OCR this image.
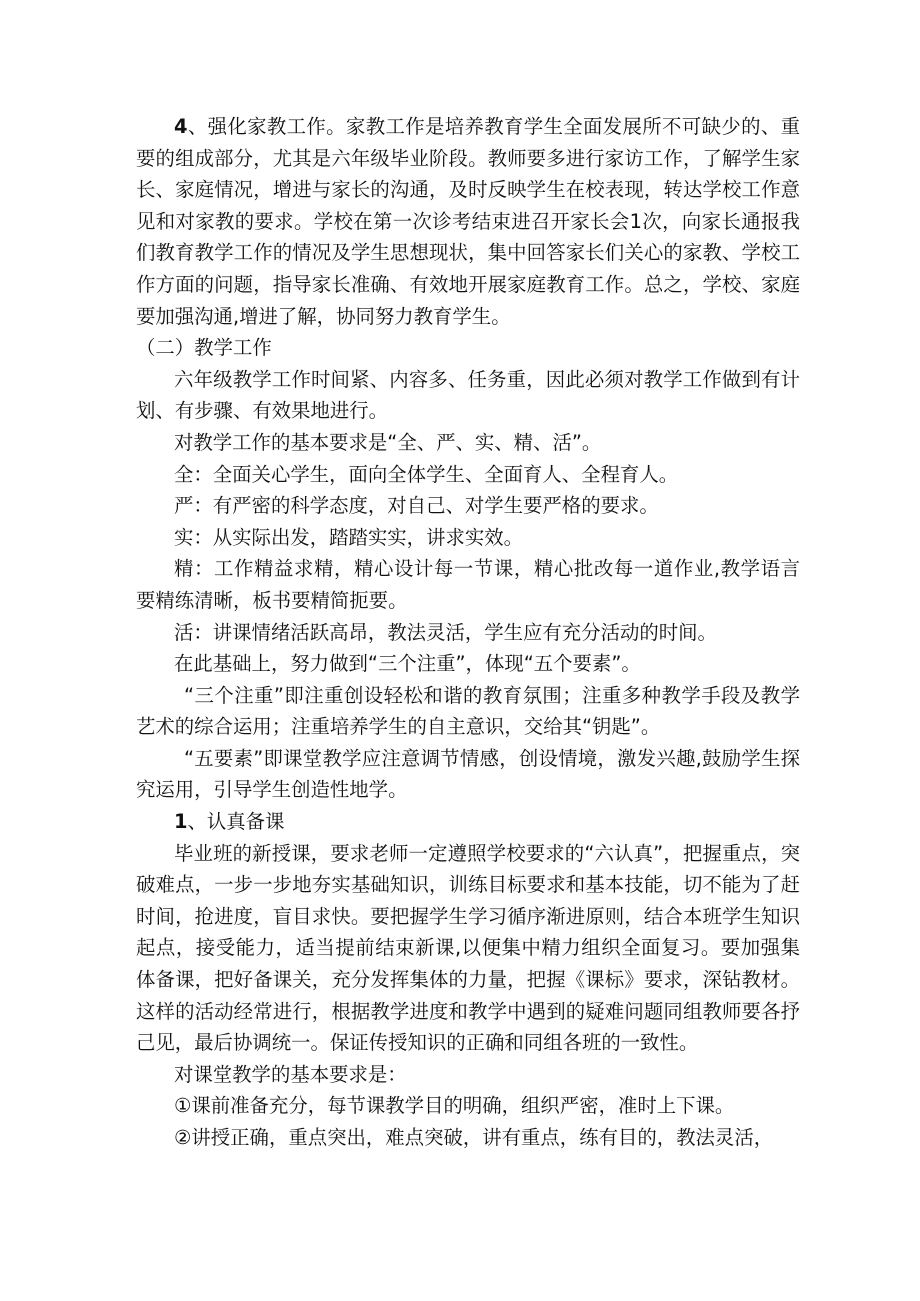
4、强化家教工作。家教工作是培养教育学生全面发展所不可缺少的、重要的组成部分，尤其是六年级毕业阶段。教师要多进行家访工作，了解学生家长、家庭情况，增进与家长的沟通，及时反映学生在校表现，转达学校工作意见和对家教的要求。学校在第一次诊考结束进召开家长会1次，向家长通报我们教育教学工作的情况及学生思想现状，集中回答家长们关心的家教、学校工作方面的问题，指导家长准确、有效地开展家庭教育工作。总之，学校、家庭要加强沟通,增进了解，协同努力教育学生。

（二）教学工作

六年级教学工作时间紧、内容多、任务重，因此必须对教学工作做到有计划、有步骤、有效果地进行。

对教学工作的基本要求是“全、严、实、精、活”。

全：全面关心学生，面向全体学生、全面育人、全程育人。

严：有严密的科学态度，对自己、对学生要严格的要求。

实：从实际出发，踏踏实实，讲求实效。

精：工作精益求精，精心设计每一节课，精心批改每一道作业,教学语言要精练清晰，板书要精简扼要。

活：讲课情绪活跃高昂，教法灵活，学生应有充分活动的时间。

在此基础上，努力做到“三个注重”，体现“五个要素”。

“三个注重”即注重创设轻松和谐的教育氛围；注重多种教学手段及教学艺术的综合运用；注重培养学生的自主意识，交给其“钥匙”。

“五要素”即课堂教学应注意调节情感，创设情境，激发兴趣,鼓励学生探究运用，引导学生创造性地学。

1、认真备课

毕业班的新授课，要求老师一定遵照学校要求的“六认真”，把握重点，突破难点，一步一步地夯实基础知识，训练目标要求和基本技能，切不能为了赶时间，抢进度，盲目求快。要把握学生学习循序渐进原则，结合本班学生知识起点，接受能力，适当提前结束新课,以便集中精力组织全面复习。要加强集体备课，把好备课关，充分发挥集体的力量，把握《课标》要求，深钻教材。这样的活动经常进行，根据教学进度和教学中遇到的疑难问题同组教师要各抒己见，最后协调统一。保证传授知识的正确和同组各班的一致性。

对课堂教学的基本要求是：

①课前准备充分，每节课教学目的明确，组织严密，准时上下课。

②讲授正确，重点突出，难点突破，讲有重点，练有目的，教法灵活，
